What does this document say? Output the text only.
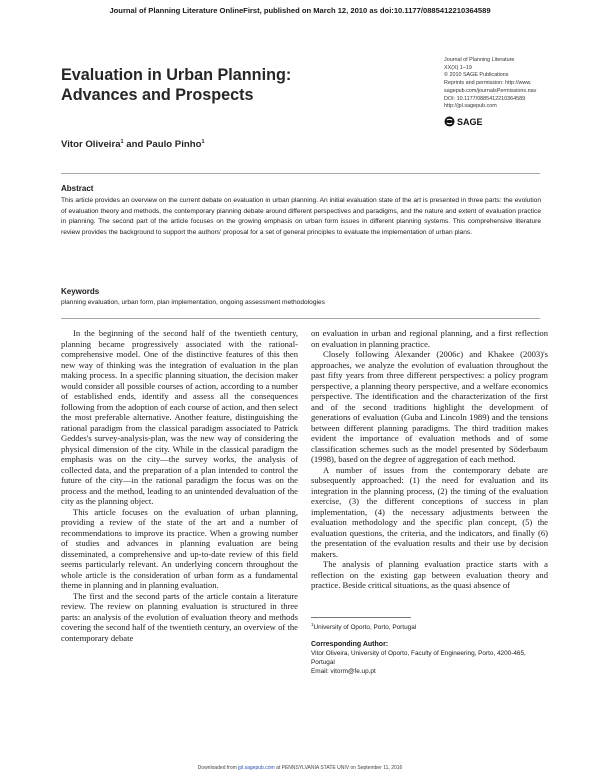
Journal of Planning Literature OnlineFirst, published on March 12, 2010 as doi:10.1177/0885412210364589
Evaluation in Urban Planning:
Advances and Prospects
Journal of Planning Literature
XX(X) 1–19
© 2010 SAGE Publications
Reprints and permission: http://www.
sagepub.com/journalsPermissions.nav
DOI: 10.1177/0885412210364589
http://jpl.sagepub.com
SAGE
Vitor Oliveira$^1$ and Paulo Pinho$^1$
Abstract
This article provides an overview on the current debate on evaluation in urban planning. An initial evaluation state of the art is presented in three parts: the evolution of evaluation theory and methods, the contemporary planning debate around different perspectives and paradigms, and the nature and extent of evaluation practice in planning. The second part of the article focuses on the growing emphasis on urban form issues in different planning systems. This comprehensive literature review provides the background to support the authors' proposal for a set of general principles to evaluate the implementation of urban plans.
Keywords
planning evaluation, urban form, plan implementation, ongoing assessment methodologies

In the beginning of the second half of the twentieth century, planning became progressively associated with the rational-comprehensive model. One of the distinctive features of this then new way of thinking was the integration of evaluation in the plan making process. In a specific planning situation, the decision maker would consider all possible courses of action, according to a number of established ends, identify and assess all the consequences following from the adoption of each course of action, and then select the most preferable alternative. Another feature, distinguishing the rational paradigm from the classical paradigm associated to Patrick Geddes's survey-analysis-plan, was the new way of considering the physical dimension of the city. While in the classical paradigm the emphasis was on the city—the survey works, the analysis of collected data, and the preparation of a plan intended to control the future of the city—in the rational paradigm the focus was on the process and the method, leading to an unintended devaluation of the city as the planning object.

This article focuses on the evaluation of urban planning, providing a review of the state of the art and a number of recommendations to improve its practice. When a growing number of studies and advances in planning evaluation are being disseminated, a comprehensive and up-to-date review of this field seems particularly relevant. An underlying concern throughout the whole article is the consideration of urban form as a fundamental theme in planning and in planning evaluation.

The first and the second parts of the article contain a literature review. The review on planning evaluation is structured in three parts: an analysis of the evolution of evaluation theory and methods covering the second half of the twentieth century, an overview of the contemporary debate

on evaluation in urban and regional planning, and a first reflection on evaluation in planning practice.

Closely following Alexander (2006c) and Khakee (2003)'s approaches, we analyze the evolution of evaluation throughout the past fifty years from three different perspectives: a policy program perspective, a planning theory perspective, and a welfare economics perspective. The identification and the characterization of the first and of the second traditions highlight the development of generations of evaluation (Guba and Lincoln 1989) and the tensions between different planning paradigms. The third tradition makes evident the importance of evaluation methods and of some classification schemes such as the model presented by Söderbaum (1998), based on the degree of aggregation of each method.

A number of issues from the contemporary debate are subsequently approached: (1) the need for evaluation and its integration in the planning process, (2) the timing of the evaluation exercise, (3) the different conceptions of success in plan implementation, (4) the necessary adjustments between the evaluation methodology and the specific plan concept, (5) the evaluation questions, the criteria, and the indicators, and finally (6) the presentation of the evaluation results and their use by decision makers.

The analysis of planning evaluation practice starts with a reflection on the existing gap between evaluation theory and practice. Beside critical situations, as the quasi absence of

$^1$University of Oporto, Porto, Portugal
Corresponding Author:
Vitor Oliveira, University of Oporto, Faculty of Engineering, Porto, 4200-465, Portugal
Email: vitorm@fe.up.pt
Downloaded from jpl.sagepub.com at PENNSYLVANIA STATE UNIV on September 11, 2016
